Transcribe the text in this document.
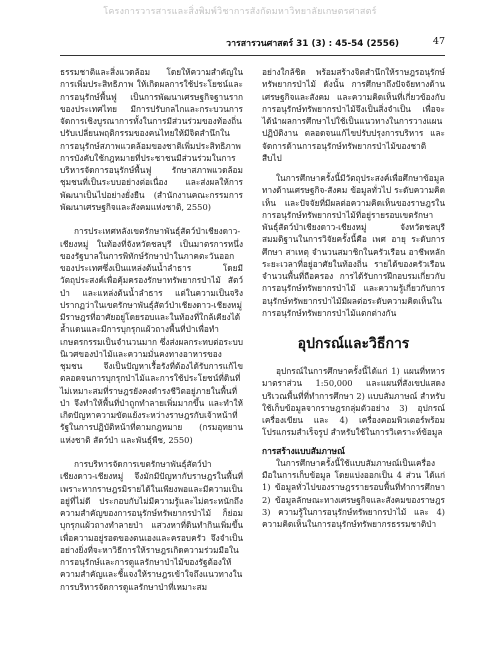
โครงการวารสารและสิ่งพิมพ์วิชาการสังกัดมหาวิทยาลัยเกษตรศาสตร์
วารสารวนศาสตร์ 31 (3) : 45-54 (2556)	47

ธรรมชาติและสิ่งแวดล้อม โดยให้ความสำคัญในการเพิ่มประสิทธิภาพ ให้เกิดผลการใช้ประโยชน์และการอนุรักษ์พื้นฟู เป็นการพัฒนาเศรษฐกิจฐานรากของประเทศไทย มีการปรับกลไกและกระบวนการจัดการเชิงบูรณาการทั้งในการมีส่วนร่วมของท้องถิ่น ปรับเปลี่ยนพฤติกรรมของคนไทยให้มีจิตสำนึกในการอนุรักษ์สภาพแวดล้อมของชาติเพิ่มประสิทธิภาพการบังคับใช้กฎหมายที่ประชาชนมีส่วนร่วมในการบริหารจัดการอนุรักษ์พื้นฟู รักษาสภาพแวดล้อมชุมชนที่เป็นระบบอย่างต่อเนื่อง และส่งผลให้การพัฒนาเป็นไปอย่างยั่งยืน (สำนักงานคณะกรรมการพัฒนาเศรษฐกิจและสังคมแห่งชาติ, 2550)

การประเทศหลังเขตรักษาพันธุ์สัตว์ป่าเชียงดาว-เชียงหมู่ ในท้องที่จังหวัดชลบุรี เป็นมาตรการหนึ่งของรัฐบาลในการพิทักษ์รักษาป่าในภาคตะวันออกของประเทศซึ่งเป็นแหล่งต้นน้ำลำธาร โดยมีวัตถุประสงค์เพื่อคุ้มครองรักษาทรัพยากรป่าไม้ สัตว์ป่า และแหล่งต้นน้ำลำธาร แต่ในความเป็นจริงปรากฏว่าในเขตรักษาพันธุ์สัตว์ป่าเชียงดาว-เชียงหมู่ มีราษฎรที่อาศัยอยู่โดยรอบและในท้องที่ใกล้เคียงได้ล้ำแดนและมีการบุกรุกแผ้วถางพื้นที่ป่าเพื่อทำเกษตรกรรมเป็นจำนวนมาก ซึ่งส่งผลกระทบต่อระบบนิเวศของป่าไม้และความมั่นคงทางอาหารของชุมชน จึงเป็นปัญหาเรื้อรังที่ต้องได้รับการแก้ไข ตลอดจนการบุกรุกป่าไม้และการใช้ประโยชน์ที่ดินที่ไม่เหมาะสมที่ราษฎรยังคงดำรงชีวิตอยู่ภายในพื้นที่ป่า จึงทำให้พื้นที่ป่าถูกทำลายเพิ่มมากขึ้น และทำให้เกิดปัญหาความขัดแย้งระหว่างราษฎรกับเจ้าหน้าที่รัฐในการปฏิบัติหน้าที่ตามกฎหมาย (กรมอุทยานแห่งชาติ สัตว์ป่า และพันธุ์พืช, 2550)

การบริหารจัดการเขตรักษาพันธุ์สัตว์ป่าเชียงดาว-เชียงหมู่ จึงมักมีปัญหากับราษฎรในพื้นที่ เพราะหากราษฎรมิรายได้ในเพียงพอและมีความเป็นอยู่ที่ไม่ดี ประกอบกับไม่มีความรู้และไม่ตระหนักถึงความสำคัญของการอนุรักษ์ทรัพยากรป่าไม้ ก็ย่อมบุกรุกแผ้วถางทำลายป่า แสวงหาที่ดินทำกินเพิ่มขึ้นเพื่อความอยู่รอดของตนเองและครอบครัว จึงจำเป็นอย่างยิ่งที่จะหาวิธีการให้ราษฎรเกิดความร่วมมือในการอนุรักษ์และการดูแลรักษาป่าไม้ของรัฐต้องให้ความสำคัญและชี้แจงให้ราษฎรเข้าใจถึงแนวทางในการบริหารจัดการดูแลรักษาป่าที่เหมาะสม

อย่างใกล้ชิด พร้อมสร้างจิตสำนึกให้ราษฎรอนุรักษ์ทรัพยากรป่าไม้ ดังนั้น การศึกษาถึงปัจจัยทางด้านเศรษฐกิจและสังคม และความคิดเห็นที่เกี่ยวข้องกับการอนุรักษ์ทรัพยากรป่าไม้จึงเป็นสิ่งจำเป็น เพื่อจะได้นำผลการศึกษาไปใช้เป็นแนวทางในการวางแผนปฏิบัติงาน ตลอดจนแก้ไขปรับปรุงการบริหาร และจัดการด้านการอนุรักษ์ทรัพยากรป่าไม้ของชาติสืบไป

ในการศึกษาครั้งนี้มีวัตถุประสงค์เพื่อศึกษาข้อมูลทางด้านเศรษฐกิจ-สังคม ข้อมูลทั่วไป ระดับความคิดเห็น และปัจจัยที่มีผลต่อความคิดเห็นของราษฎรในการอนุรักษ์ทรัพยากรป่าไม้ที่อยู่รายรอบเขตรักษาพันธุ์สัตว์ป่าเชียงดาว-เชียงหมู่ จังหวัดชลบุรี สมมติฐานในการวิจัยครั้งนี้คือ เพศ อายุ ระดับการศึกษา สาเหตุ จำนวนสมาชิกในครัวเรือน อาชีพหลัก ระยะเวลาที่อยู่อาศัยในท้องถิ่น รายได้ของครัวเรือน จำนวนพื้นที่ถือครอง การได้รับการฝึกอบรมเกี่ยวกับการอนุรักษ์ทรัพยากรป่าไม้ และความรู้เกี่ยวกับการอนุรักษ์ทรัพยากรป่าไม้มีผลต่อระดับความคิดเห็นในการอนุรักษ์ทรัพยากรป่าไม้แตกต่างกัน

อุปกรณ์และวิธีการ

อุปกรณ์ในการศึกษาครั้งนี้ได้แก่ 1) แผนที่ทหารมาตราส่วน 1:50,000 และแผนที่สังเขปแสดงบริเวณพื้นที่ที่ทำการศึกษา 2) แบบสัมภาษณ์ สำหรับใช้เก็บข้อมูลจากราษฎรกลุ่มตัวอย่าง 3) อุปกรณ์เครื่องเขียน และ 4) เครื่องคอมพิวเตอร์พร้อมโปรแกรมสำเร็จรูป สำหรับใช้ในการวิเคราะห์ข้อมูล

การสร้างแบบสัมภาษณ์

ในการศึกษาครั้งนี้ใช้แบบสัมภาษณ์เป็นเครื่องมือในการเก็บข้อมูล โดยแบ่งออกเป็น 4 ส่วน ได้แก่ 1) ข้อมูลทั่วไปของราษฎรรายรอบพื้นที่ทำการศึกษา 2) ข้อมูลลักษณะทางเศรษฐกิจและสังคมของราษฎร 3) ความรู้ในการอนุรักษ์ทรัพยากรป่าไม้ และ 4) ความคิดเห็นในการอนุรักษ์ทรัพยากรธรรมชาติป่า
